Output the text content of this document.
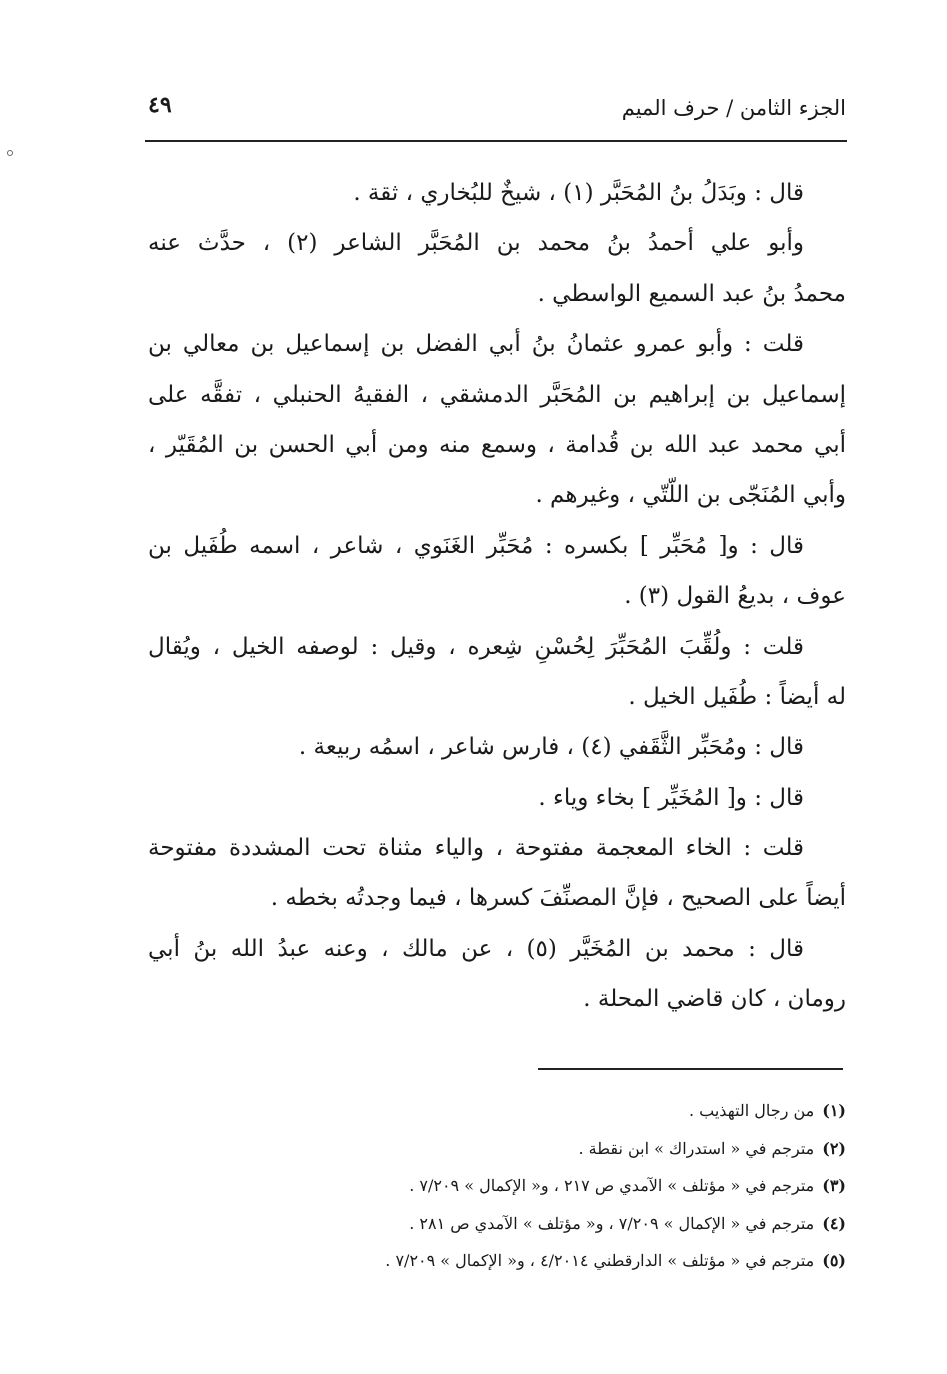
الجزء الثامن / حرف الميم
٤٩
قال : وبَدَلُ بنُ المُحَبَّر (١) ، شيخٌ للبُخاري ، ثقة .
وأبو علي أحمدُ بنُ محمد بن المُحَبَّر الشاعر (٢) ، حدَّث عنه
محمدُ بنُ عبد السميع الواسطي .
قلت : وأبو عمرو عثمانُ بنُ أبي الفضل بن إسماعيل بن معالي بن
إسماعيل بن إبراهيم بن المُحَبَّر الدمشقي ، الفقيهُ الحنبلي ، تفقَّه على
أبي محمد عبد الله بن قُدامة ، وسمع منه ومن أبي الحسن بن المُقَيّر ،
وأبي المُنَجّى بن اللّتّي ، وغيرهم .
قال : و[ مُحَبِّر ] بكسره : مُحَبِّر الغَنَوي ، شاعر ، اسمه طُفَيل بن
عوف ، بديعُ القول (٣) .
قلت : ولُقِّبَ المُحَبِّرَ لِحُسْنِ شِعره ، وقيل : لوصفه الخيل ، ويُقال
له أيضاً : طُفَيل الخيل .
قال : ومُحَبِّر الثَّقَفي (٤) ، فارس شاعر ، اسمُه ربيعة .
قال : و[ المُخَيِّر ] بخاء وياء .
قلت : الخاء المعجمة مفتوحة ، والياء مثناة تحت المشددة مفتوحة
أيضاً على الصحيح ، فإنَّ المصنِّفَ كسرها ، فيما وجدتُه بخطه .
قال : محمد بن المُخَيَّر (٥) ، عن مالك ، وعنه عبدُ الله بنُ أبي
رومان ، كان قاضي المحلة .
(١)من رجال التهذيب .
(٢)مترجم في « استدراك » ابن نقطة .
(٣)مترجم في « مؤتلف » الآمدي ص ٢١٧ ، و« الإكمال » ٧/٢٠٩ .
(٤)مترجم في « الإكمال » ٧/٢٠٩ ، و« مؤتلف » الآمدي ص ٢٨١ .
(٥)مترجم في « مؤتلف » الدارقطني ٤/٢٠١٤ ، و« الإكمال » ٧/٢٠٩ .
